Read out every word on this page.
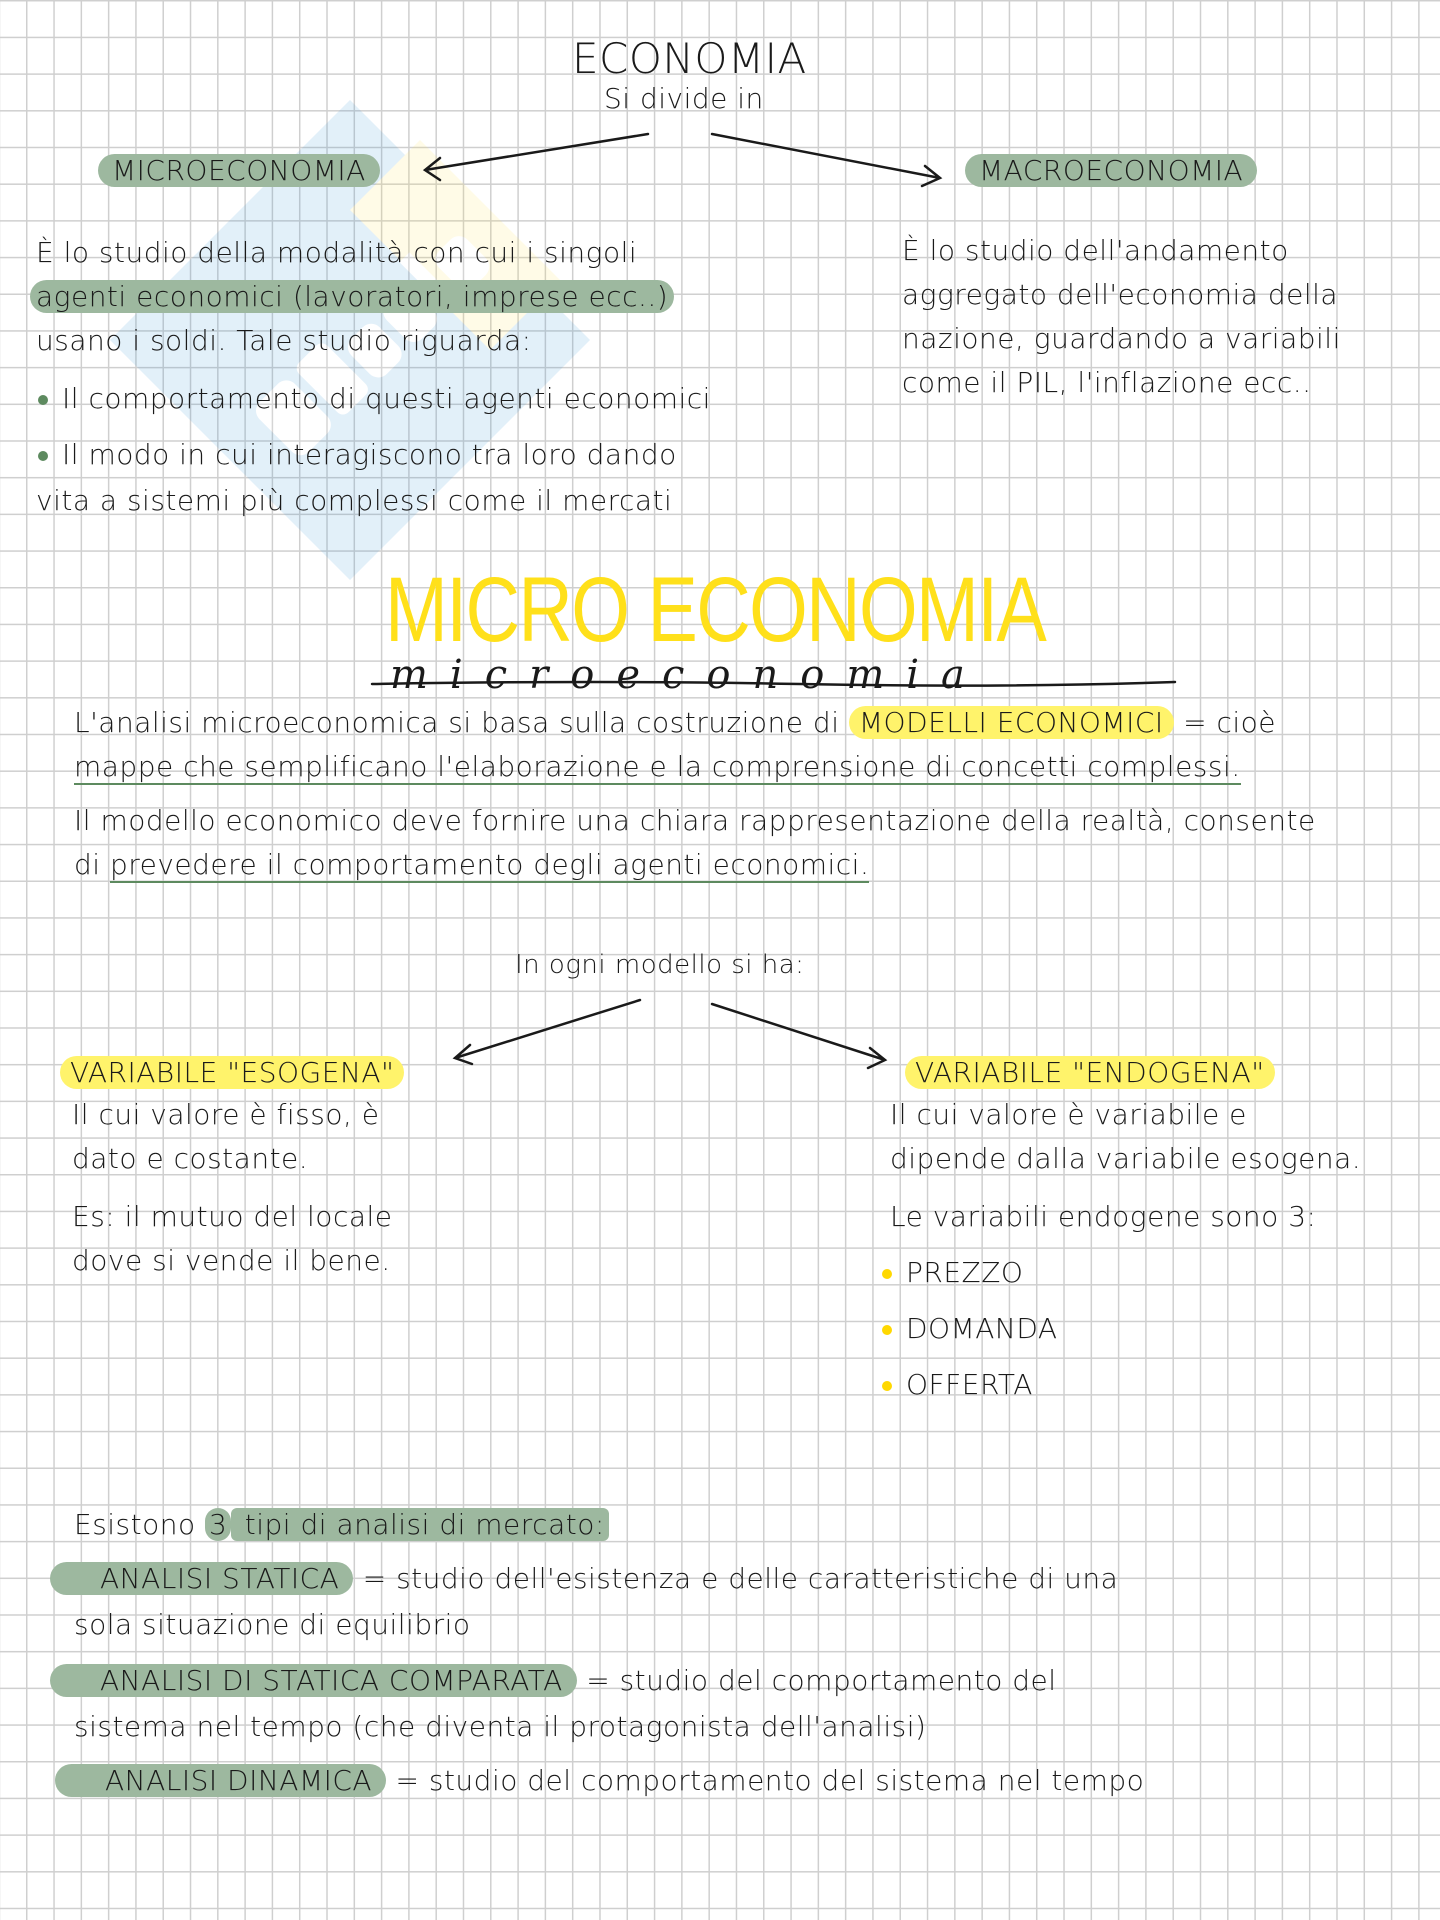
ECONOMIA
Si divide in
MICROECONOMIA	MACROECONOMIA
È lo studio della modalità con cui i singoli
agenti economici (lavoratori, imprese ecc..)
usano i soldi. Tale studio riguarda:
Il comportamento di questi agenti economici
Il modo in cui interagiscono tra loro dando
vita a sistemi più complessi come il mercati
È lo studio dell'andamento
aggregato dell'economia della
nazione, guardando a variabili
come il PIL, l'inflazione ecc..
MICRO ECONOMIA
microeconomia
L'analisi microeconomica si basa sulla costruzione di MODELLI ECONOMICI = cioè
mappe che semplificano l'elaborazione e la comprensione di concetti complessi.
Il modello economico deve fornire una chiara rappresentazione della realtà, consente
di prevedere il comportamento degli agenti economici.
In ogni modello si ha:
VARIABILE "ESOGENA"
Il cui valore è fisso, è
dato e costante.
Es: il mutuo del locale
dove si vende il bene.
VARIABILE "ENDOGENA"
Il cui valore è variabile e
dipende dalla variabile esogena.
Le variabili endogene sono 3:
PREZZO
DOMANDA
OFFERTA
Esistono 3 tipi di analisi di mercato:
ANALISI STATICA = studio dell'esistenza e delle caratteristiche di una
sola situazione di equilibrio
ANALISI DI STATICA COMPARATA = studio del comportamento del
sistema nel tempo (che diventa il protagonista dell'analisi)
ANALISI DINAMICA = studio del comportamento del sistema nel tempo
